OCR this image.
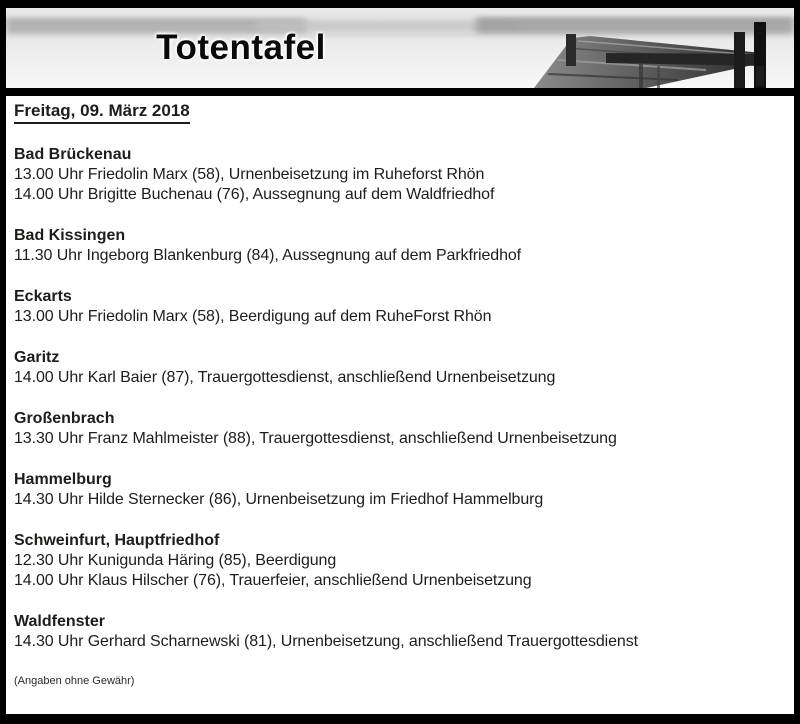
Totentafel
Freitag, 09. März 2018
Bad Brückenau

13.00 Uhr Friedolin Marx (58), Urnenbeisetzung im Ruheforst Rhön

14.00 Uhr Brigitte Buchenau (76), Aussegnung auf dem Waldfriedhof

Bad Kissingen

11.30 Uhr Ingeborg Blankenburg (84), Aussegnung auf dem Parkfriedhof

Eckarts

13.00 Uhr Friedolin Marx (58), Beerdigung auf dem RuheForst Rhön

Garitz

14.00 Uhr Karl Baier (87), Trauergottesdienst, anschließend Urnenbeisetzung

Großenbrach

13.30 Uhr Franz Mahlmeister (88), Trauergottesdienst, anschließend Urnenbeisetzung

Hammelburg

14.30 Uhr Hilde Sternecker (86), Urnenbeisetzung im Friedhof Hammelburg

Schweinfurt, Hauptfriedhof

12.30 Uhr Kunigunda Häring (85), Beerdigung

14.00 Uhr Klaus Hilscher (76), Trauerfeier, anschließend Urnenbeisetzung

Waldfenster

14.30 Uhr Gerhard Scharnewski (81), Urnenbeisetzung, anschließend Trauergottesdienst

(Angaben ohne Gewähr)
